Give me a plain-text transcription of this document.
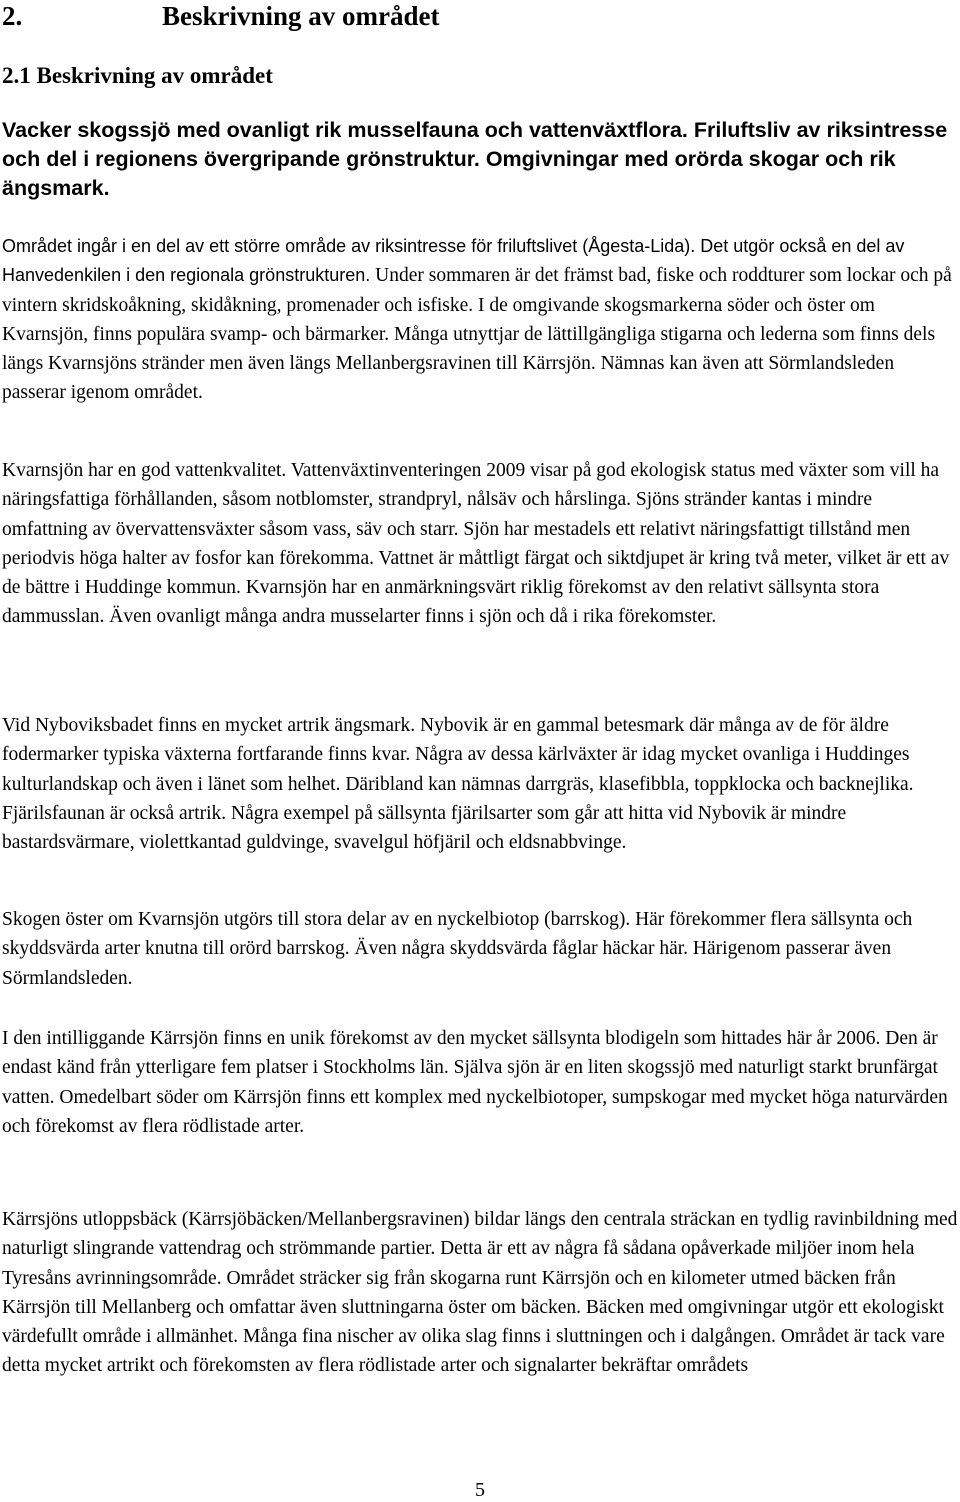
2.	Beskrivning av området
2.1 Beskrivning av området

Vacker skogssjö med ovanligt rik musselfauna och vattenväxtflora. Friluftsliv av riksintresse och del i regionens övergripande grönstruktur. Omgivningar med orörda skogar och rik ängsmark.

Området ingår i en del av ett större område av riksintresse för friluftslivet (Ågesta-Lida). Det utgör också en del av Hanvedenkilen i den regionala grönstrukturen. Under sommaren är det främst bad, fiske och roddturer som lockar och på vintern skridskoåkning, skidåkning, promenader och isfiske. I de omgivande skogsmarkerna söder och öster om Kvarnsjön, finns populära svamp- och bärmarker. Många utnyttjar de lättillgängliga stigarna och lederna som finns dels längs Kvarnsjöns stränder men även längs Mellanbergsravinen till Kärrsjön. Nämnas kan även att Sörmlandsleden passerar igenom området.

Kvarnsjön har en god vattenkvalitet. Vattenväxtinventeringen 2009 visar på god ekologisk status med växter som vill ha näringsfattiga förhållanden, såsom notblomster, strandpryl, nålsäv och hårslinga. Sjöns stränder kantas i mindre omfattning av övervattensväxter såsom vass, säv och starr. Sjön har mestadels ett relativt näringsfattigt tillstånd men periodvis höga halter av fosfor kan förekomma. Vattnet är måttligt färgat och siktdjupet är kring två meter, vilket är ett av de bättre i Huddinge kommun. Kvarnsjön har en anmärkningsvärt riklig förekomst av den relativt sällsynta stora dammusslan. Även ovanligt många andra musselarter finns i sjön och då i rika förekomster.

Vid Nyboviksbadet finns en mycket artrik ängsmark. Nybovik är en gammal betesmark där många av de för äldre fodermarker typiska växterna fortfarande finns kvar. Några av dessa kärlväxter är idag mycket ovanliga i Huddinges kulturlandskap och även i länet som helhet. Däribland kan nämnas darrgräs, klasefibbla, toppklocka och backnejlika. Fjärilsfaunan är också artrik. Några exempel på sällsynta fjärilsarter som går att hitta vid Nybovik är mindre bastardsvärmare, violettkantad guldvinge, svavelgul höfjäril och eldsnabbvinge.

Skogen öster om Kvarnsjön utgörs till stora delar av en nyckelbiotop (barrskog). Här förekommer flera sällsynta och skyddsvärda arter knutna till orörd barrskog. Även några skyddsvärda fåglar häckar här. Härigenom passerar även Sörmlandsleden.

I den intilliggande Kärrsjön finns en unik förekomst av den mycket sällsynta blodigeln som hittades här år 2006. Den är endast känd från ytterligare fem platser i Stockholms län. Själva sjön är en liten skogssjö med naturligt starkt brunfärgat vatten. Omedelbart söder om Kärrsjön finns ett komplex med nyckelbiotoper, sumpskogar med mycket höga naturvärden och förekomst av flera rödlistade arter.

Kärrsjöns utloppsbäck (Kärrsjöbäcken/Mellanbergsravinen) bildar längs den centrala sträckan en tydlig ravinbildning med naturligt slingrande vattendrag och strömmande partier. Detta är ett av några få sådana opåverkade miljöer inom hela Tyresåns avrinningsområde. Området sträcker sig från skogarna runt Kärrsjön och en kilometer utmed bäcken från Kärrsjön till Mellanberg och omfattar även sluttningarna öster om bäcken. Bäcken med omgivningar utgör ett ekologiskt värdefullt område i allmänhet. Många fina nischer av olika slag finns i sluttningen och i dalgången. Området är tack vare detta mycket artrikt och förekomsten av flera rödlistade arter och signalarter bekräftar områdets

5
